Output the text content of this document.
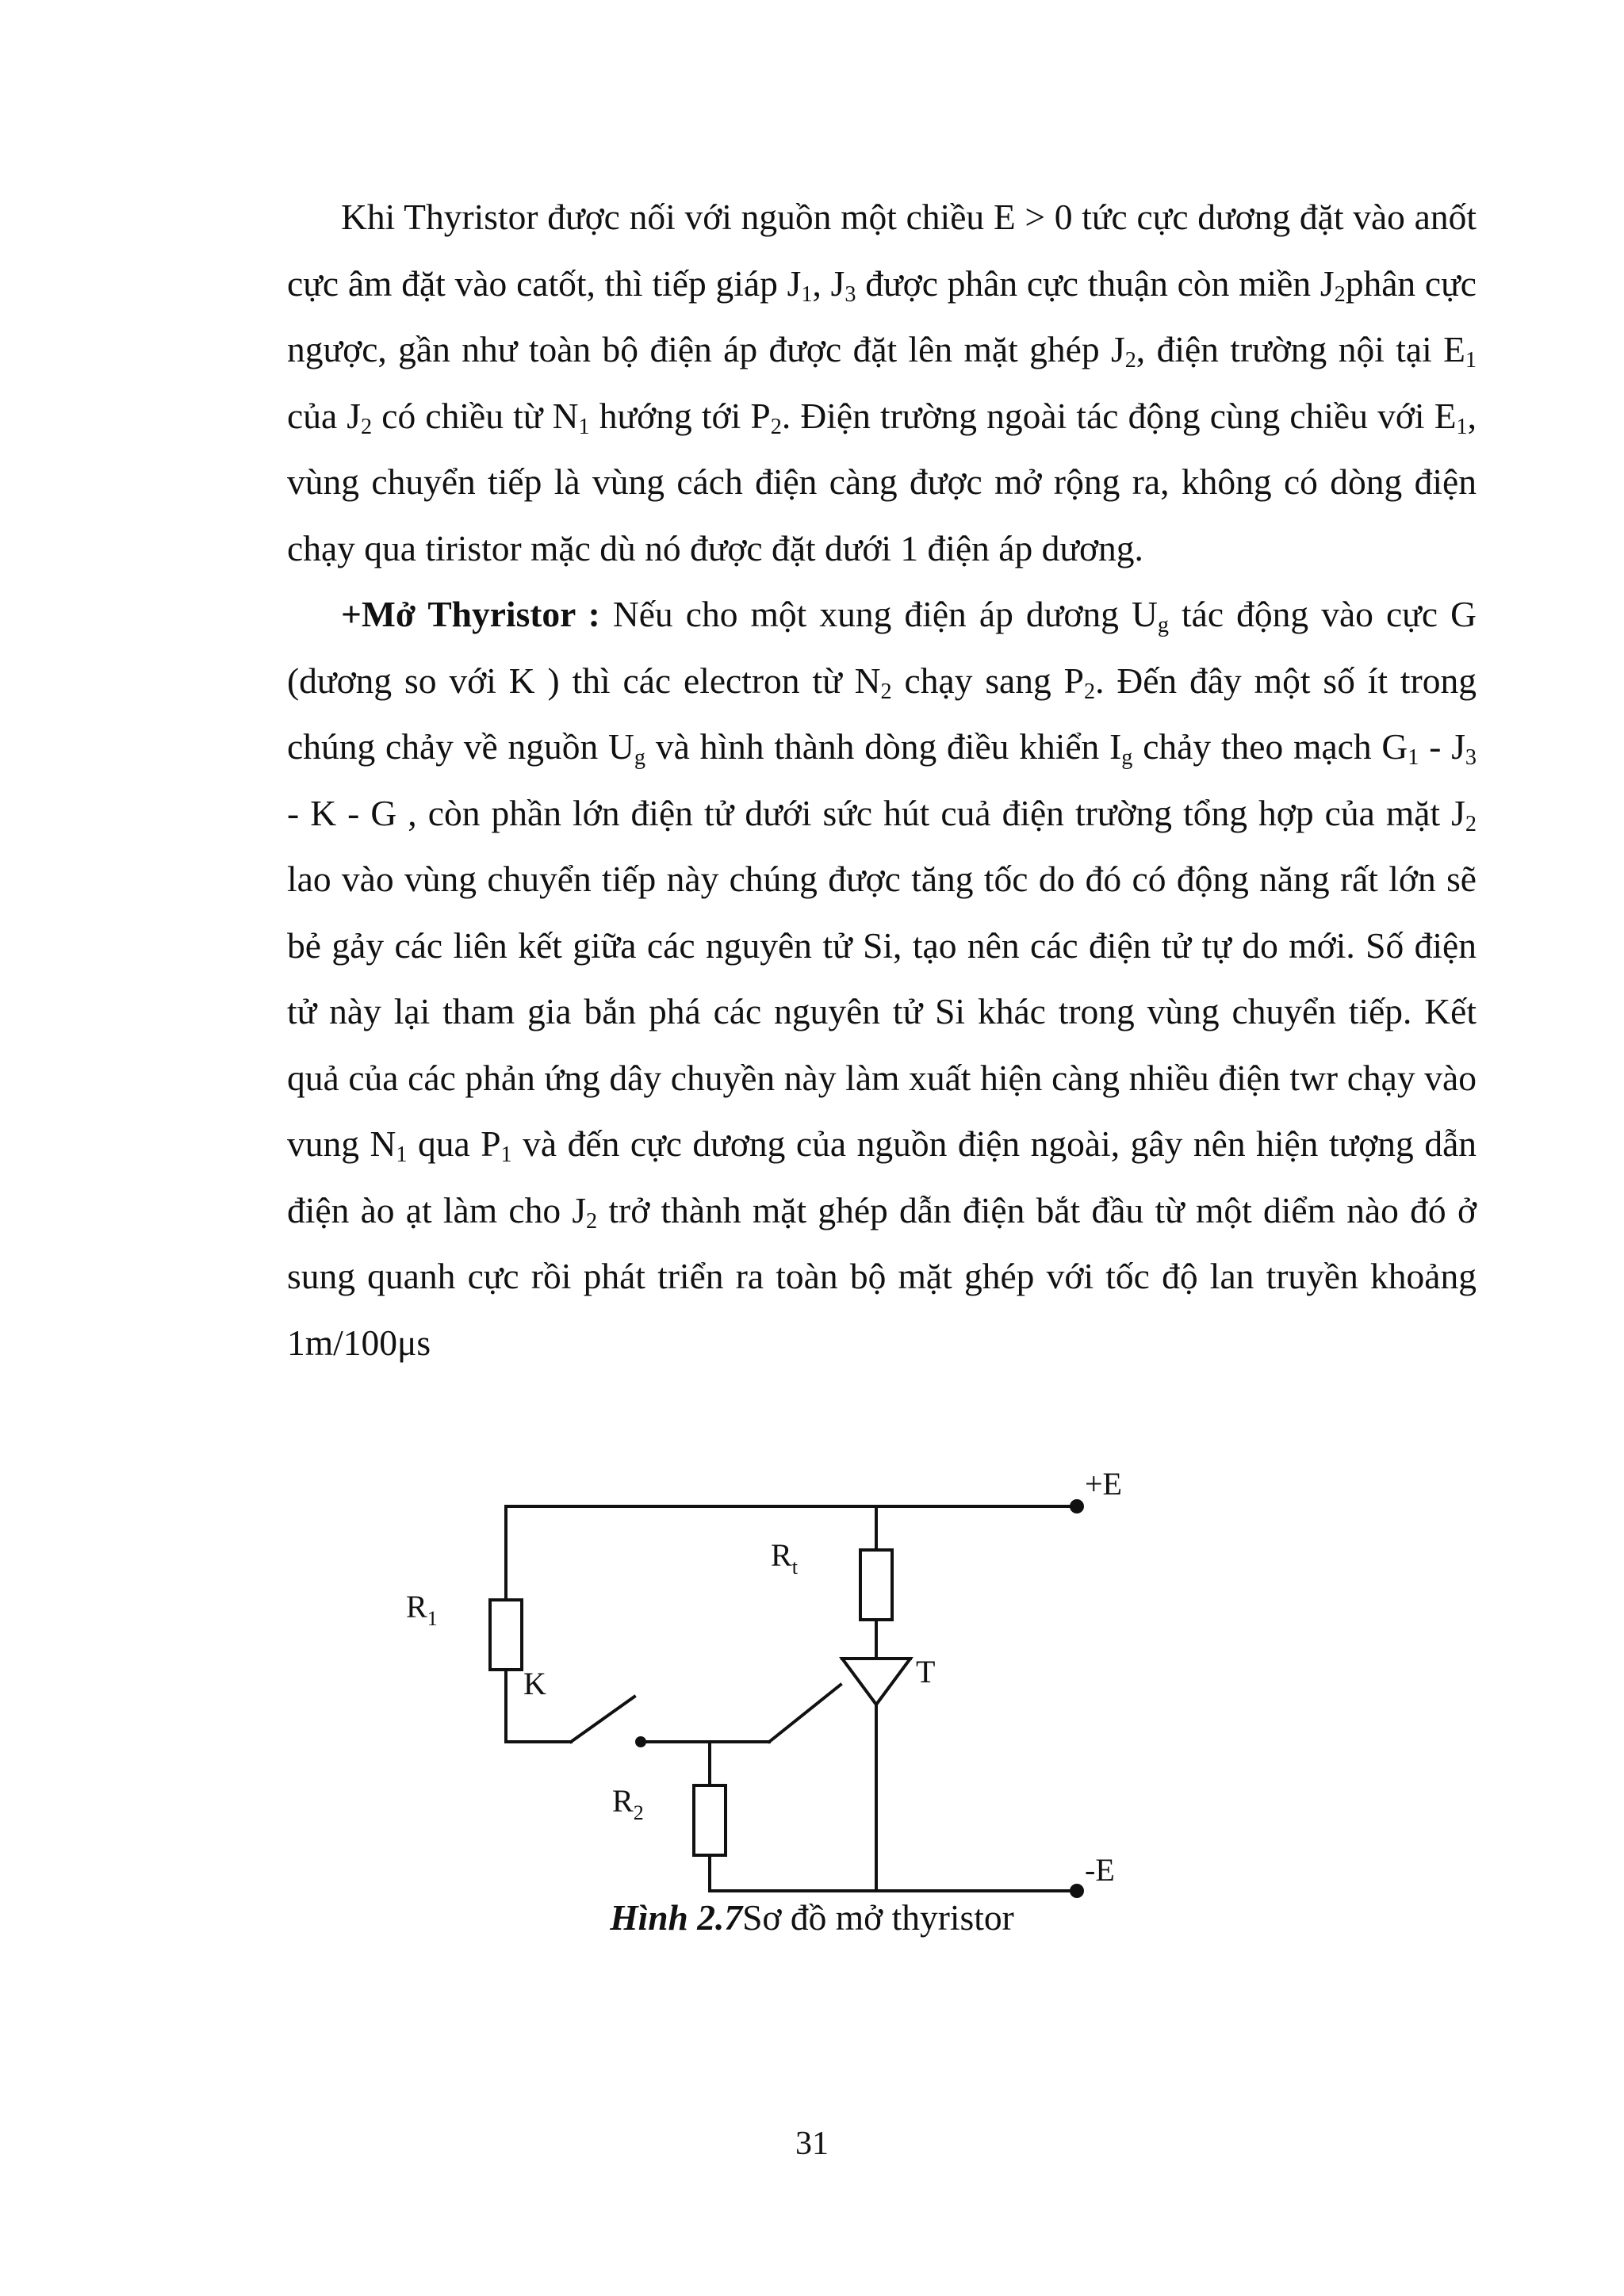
Khi Thyristor được nối với nguồn một chiều E > 0 tức cực dương đặt vào anốt cực âm đặt vào catốt, thì tiếp giáp $J_1$, $J_3$ được phân cực thuận còn miền $J_2phân$ cực ngược, gần như toàn bộ điện áp được đặt lên mặt ghép $J_2$, điện trường nội tại $E_1$ của $J_2$ có chiều từ $N_1$ hướng tới $P_2$. Điện trường ngoài tác động cùng chiều với $E_1$, vùng chuyển tiếp là vùng cách điện càng được mở rộng ra, không có dòng điện chạy qua tiristor mặc dù nó được đặt dưới 1 điện áp dương.

+Mở Thyristor : Nếu cho một xung điện áp dương $U_g$ tác động vào cực G (dương so với K ) thì các electron từ $N_2$ chạy sang $P_2$. Đến đây một số ít trong chúng chảy về nguồn $U_g$ và hình thành dòng điều khiển $I_g$ chảy theo mạch $G_1 - J_3$ - K - G , còn phần lớn điện tử dưới sức hút cuả điện trường tổng hợp của mặt $J_2$ lao vào vùng chuyển tiếp này chúng được tăng tốc do đó có động năng rất lớn sẽ bẻ gảy các liên kết giữa các nguyên tử Si, tạo nên các điện tử tự do mới. Số điện tử này lại tham gia bắn phá các nguyên tử Si khác trong vùng chuyển tiếp. Kết quả của các phản ứng dây chuyền này làm xuất hiện càng nhiều điện twr chạy vào vung $N_1$ qua $P_1$ và đến cực dương của nguồn điện ngoài, gây nên hiện tượng dẫn điện ào ạt làm cho $J_2$ trở thành mặt ghép dẫn điện bắt đầu từ một diểm nào đó ở sung quanh cực rồi phát triển ra toàn bộ mặt ghép với tốc độ lan truyền khoảng 1m/100μs

+E
-E
$R_1$
$R_t$
$R_2$
K	T
Hình 2.7Sơ đồ mở thyristor
31
